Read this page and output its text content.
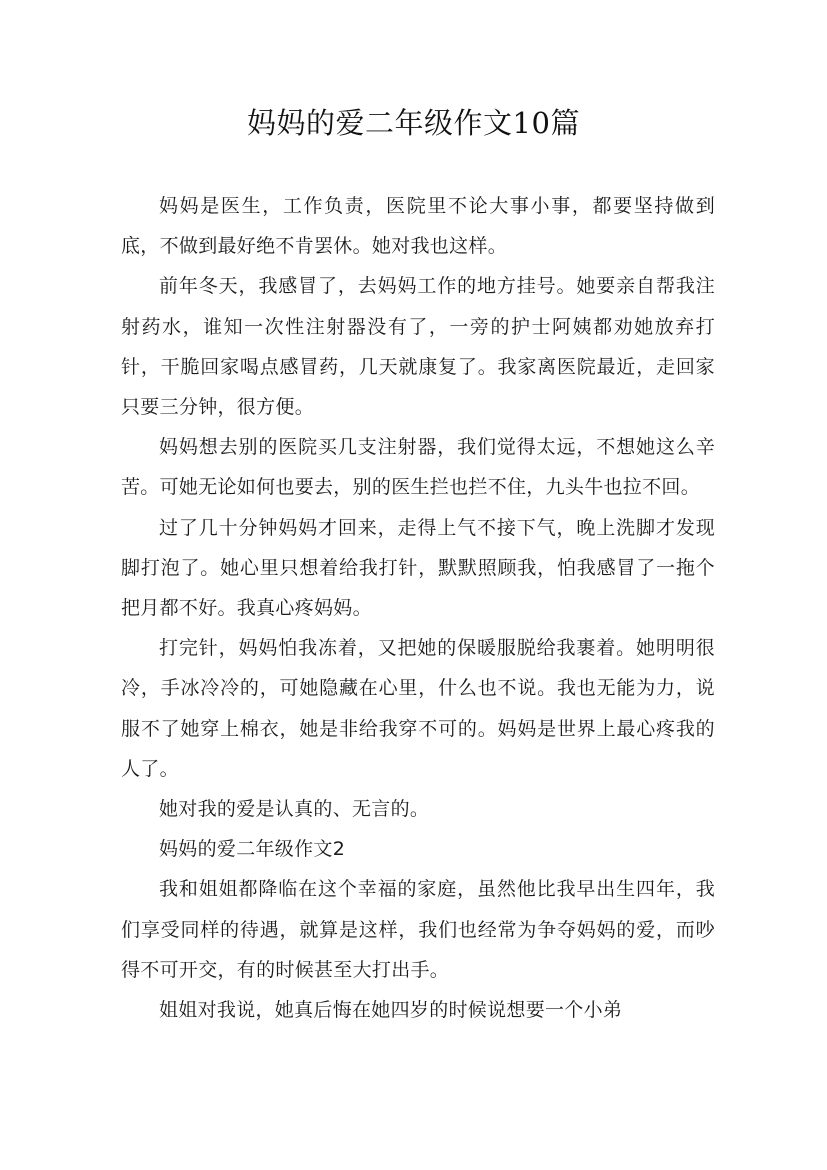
妈妈的爱二年级作文10篇

妈妈是医生，工作负责，医院里不论大事小事，都要坚持做到底，不做到最好绝不肯罢休。她对我也这样。

前年冬天，我感冒了，去妈妈工作的地方挂号。她要亲自帮我注射药水，谁知一次性注射器没有了，一旁的护士阿姨都劝她放弃打针，干脆回家喝点感冒药，几天就康复了。我家离医院最近，走回家只要三分钟，很方便。

妈妈想去别的医院买几支注射器，我们觉得太远，不想她这么辛苦。可她无论如何也要去，别的医生拦也拦不住，九头牛也拉不回。

过了几十分钟妈妈才回来，走得上气不接下气，晚上洗脚才发现脚打泡了。她心里只想着给我打针，默默照顾我，怕我感冒了一拖个把月都不好。我真心疼妈妈。

打完针，妈妈怕我冻着，又把她的保暖服脱给我裹着。她明明很冷，手冰冷冷的，可她隐藏在心里，什么也不说。我也无能为力，说服不了她穿上棉衣，她是非给我穿不可的。妈妈是世界上最心疼我的人了。

她对我的爱是认真的、无言的。

妈妈的爱二年级作文2

我和姐姐都降临在这个幸福的家庭，虽然他比我早出生四年，我们享受同样的待遇，就算是这样，我们也经常为争夺妈妈的爱，而吵得不可开交，有的时候甚至大打出手。

姐姐对我说，她真后悔在她四岁的时候说想要一个小弟
